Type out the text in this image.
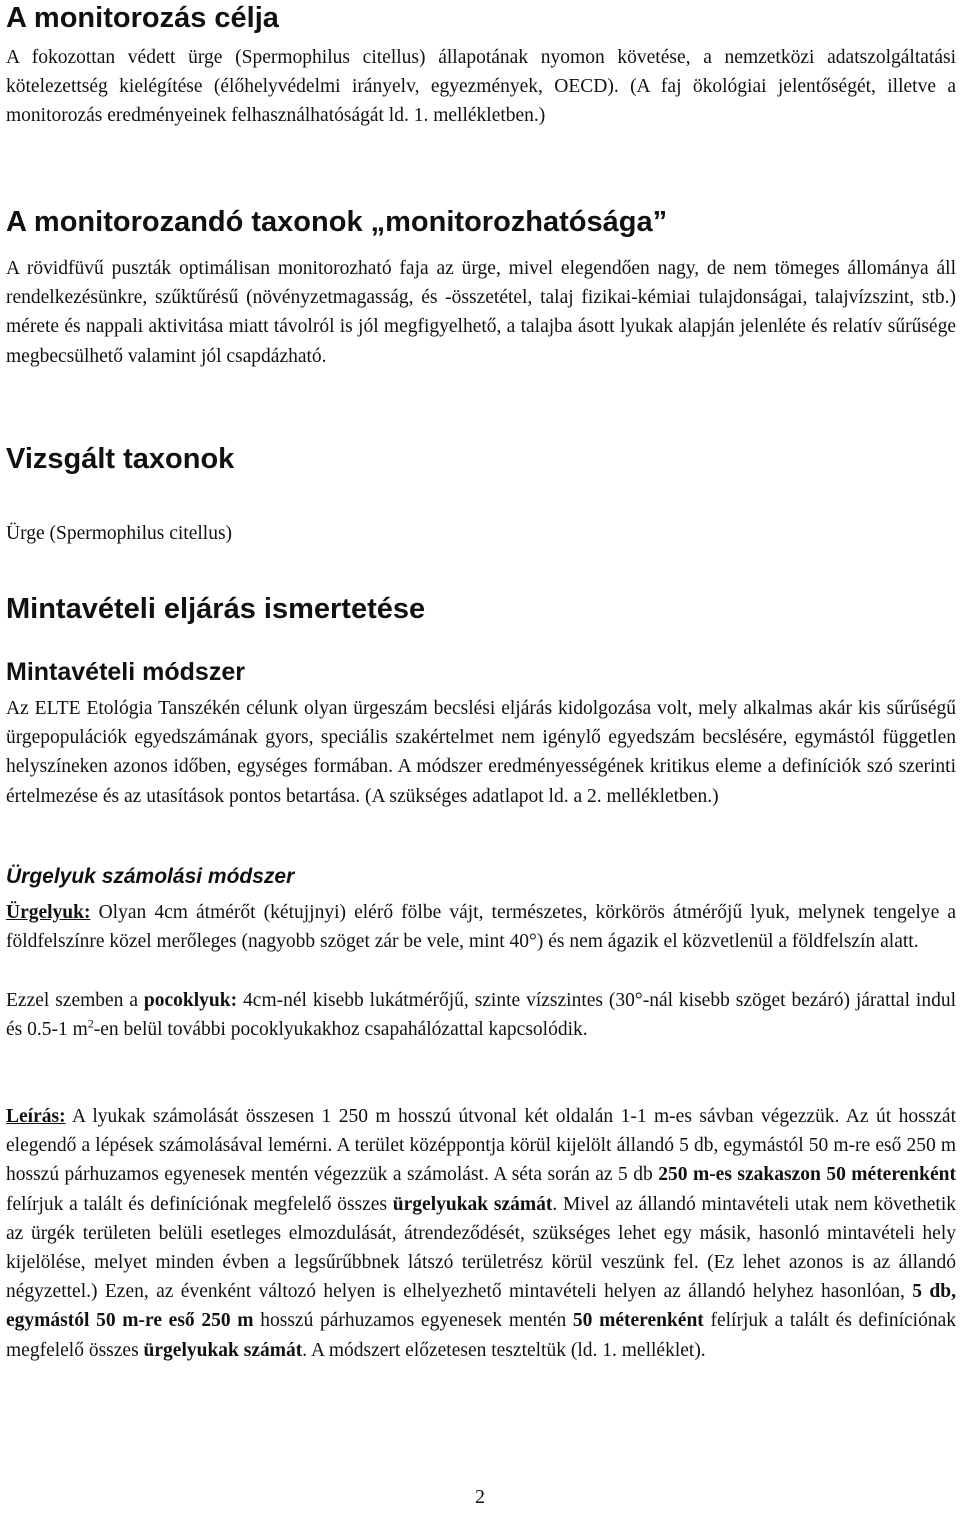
A monitorozás célja

A fokozottan védett ürge (Spermophilus citellus) állapotának nyomon követése, a nemzetközi adatszolgáltatási kötelezettség kielégítése (élőhelyvédelmi irányelv, egyezmények, OECD). (A faj ökológiai jelentőségét, illetve a monitorozás eredményeinek felhasználhatóságát ld. 1. mellékletben.)

A monitorozandó taxonok „monitorozhatósága”

A rövidfüvű puszták optimálisan monitorozható faja az ürge, mivel elegendően nagy, de nem tömeges állománya áll rendelkezésünkre, szűktűrésű (növényzetmagasság, és -összetétel, talaj fizikai-kémiai tulajdonságai, talajvízszint, stb.) mérete és nappali aktivitása miatt távolról is jól megfigyelhető, a talajba ásott lyukak alapján jelenléte és relatív sűrűsége megbecsülhető valamint jól csapdázható.

Vizsgált taxonok

Ürge (Spermophilus citellus)

Mintavételi eljárás ismertetése
Mintavételi módszer

Az ELTE Etológia Tanszékén célunk olyan ürgeszám becslési eljárás kidolgozása volt, mely alkalmas akár kis sűrűségű ürgepopulációk egyedszámának gyors, speciális szakértelmet nem igénylő egyedszám becslésére, egymástól független helyszíneken azonos időben, egységes formában. A módszer eredményességének kritikus eleme a definíciók szó szerinti értelmezése és az utasítások pontos betartása. (A szükséges adatlapot ld. a 2. mellékletben.)

Ürgelyuk számolási módszer

Ürgelyuk: Olyan 4cm átmérőt (kétujjnyi) elérő fölbe vájt, természetes, körkörös átmérőjű lyuk, melynek tengelye a földfelszínre közel merőleges (nagyobb szöget zár be vele, mint 40°) és nem ágazik el közvetlenül a földfelszín alatt.

Ezzel szemben a pocoklyuk: 4cm-nél kisebb lukátmérőjű, szinte vízszintes (30°-nál kisebb szöget bezáró) járattal indul és 0.5-1 $m^2-en$ belül további pocoklyukakhoz csapahálózattal kapcsolódik.

Leírás: A lyukak számolását összesen 1 250 m hosszú útvonal két oldalán 1-1 m-es sávban végezzük. Az út hosszát elegendő a lépések számolásával lemérni. A terület középpontja körül kijelölt állandó 5 db, egymástól 50 m-re eső 250 m hosszú párhuzamos egyenesek mentén végezzük a számolást. A séta során az 5 db 250 m-es szakaszon 50 méterenként felírjuk a talált és definíciónak megfelelő összes ürgelyukak számát. Mivel az állandó mintavételi utak nem követhetik az ürgék területen belüli esetleges elmozdulását, átrendeződését, szükséges lehet egy másik, hasonló mintavételi hely kijelölése, melyet minden évben a legsűrűbbnek látszó területrész körül veszünk fel. (Ez lehet azonos is az állandó négyzettel.) Ezen, az évenként változó helyen is elhelyezhető mintavételi helyen az állandó helyhez hasonlóan, 5 db, egymástól 50 m-re eső 250 m hosszú párhuzamos egyenesek mentén 50 méterenként felírjuk a talált és definíciónak megfelelő összes ürgelyukak számát. A módszert előzetesen teszteltük (ld. 1. melléklet).

2
